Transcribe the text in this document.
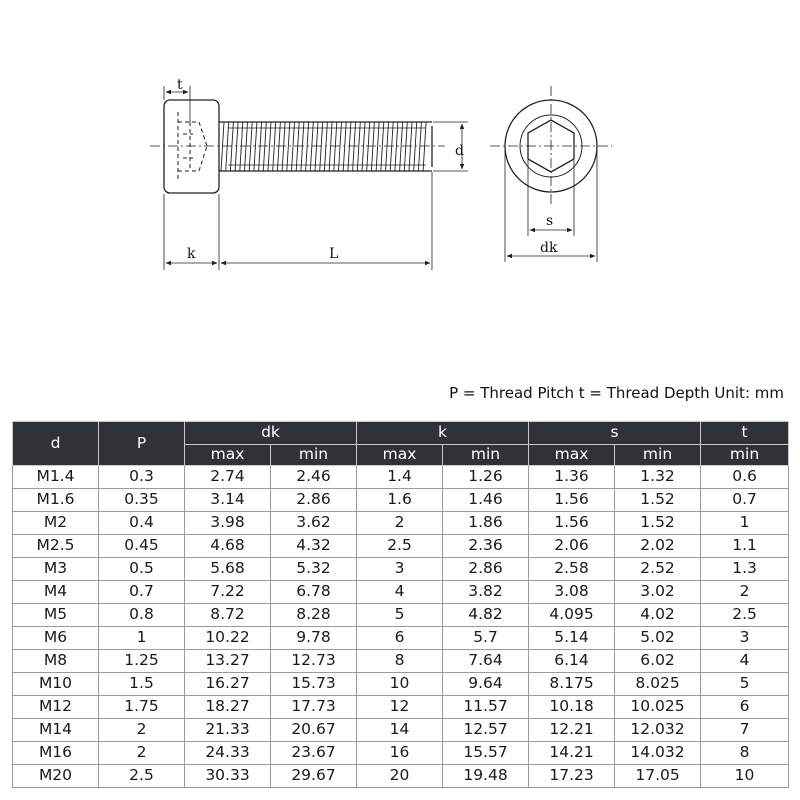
t
d
k	L
s
dk
P = Thread Pitch t = Thread Depth Unit: mm
d	P	dk		k		s		t
		max	min	max	min	max	min	min
M1.4	0.3	2.74	2.46	1.4	1.26	1.36	1.32	0.6
M1.6	0.35	3.14	2.86	1.6	1.46	1.56	1.52	0.7
M2	0.4	3.98	3.62	2	1.86	1.56	1.52	1
M2.5	0.45	4.68	4.32	2.5	2.36	2.06	2.02	1.1
M3	0.5	5.68	5.32	3	2.86	2.58	2.52	1.3
M4	0.7	7.22	6.78	4	3.82	3.08	3.02	2
M5	0.8	8.72	8.28	5	4.82	4.095	4.02	2.5
M6	1	10.22	9.78	6	5.7	5.14	5.02	3
M8	1.25	13.27	12.73	8	7.64	6.14	6.02	4
M10	1.5	16.27	15.73	10	9.64	8.175	8.025	5
M12	1.75	18.27	17.73	12	11.57	10.18	10.025	6
M14	2	21.33	20.67	14	12.57	12.21	12.032	7
M16	2	24.33	23.67	16	15.57	14.21	14.032	8
M20	2.5	30.33	29.67	20	19.48	17.23	17.05	10
